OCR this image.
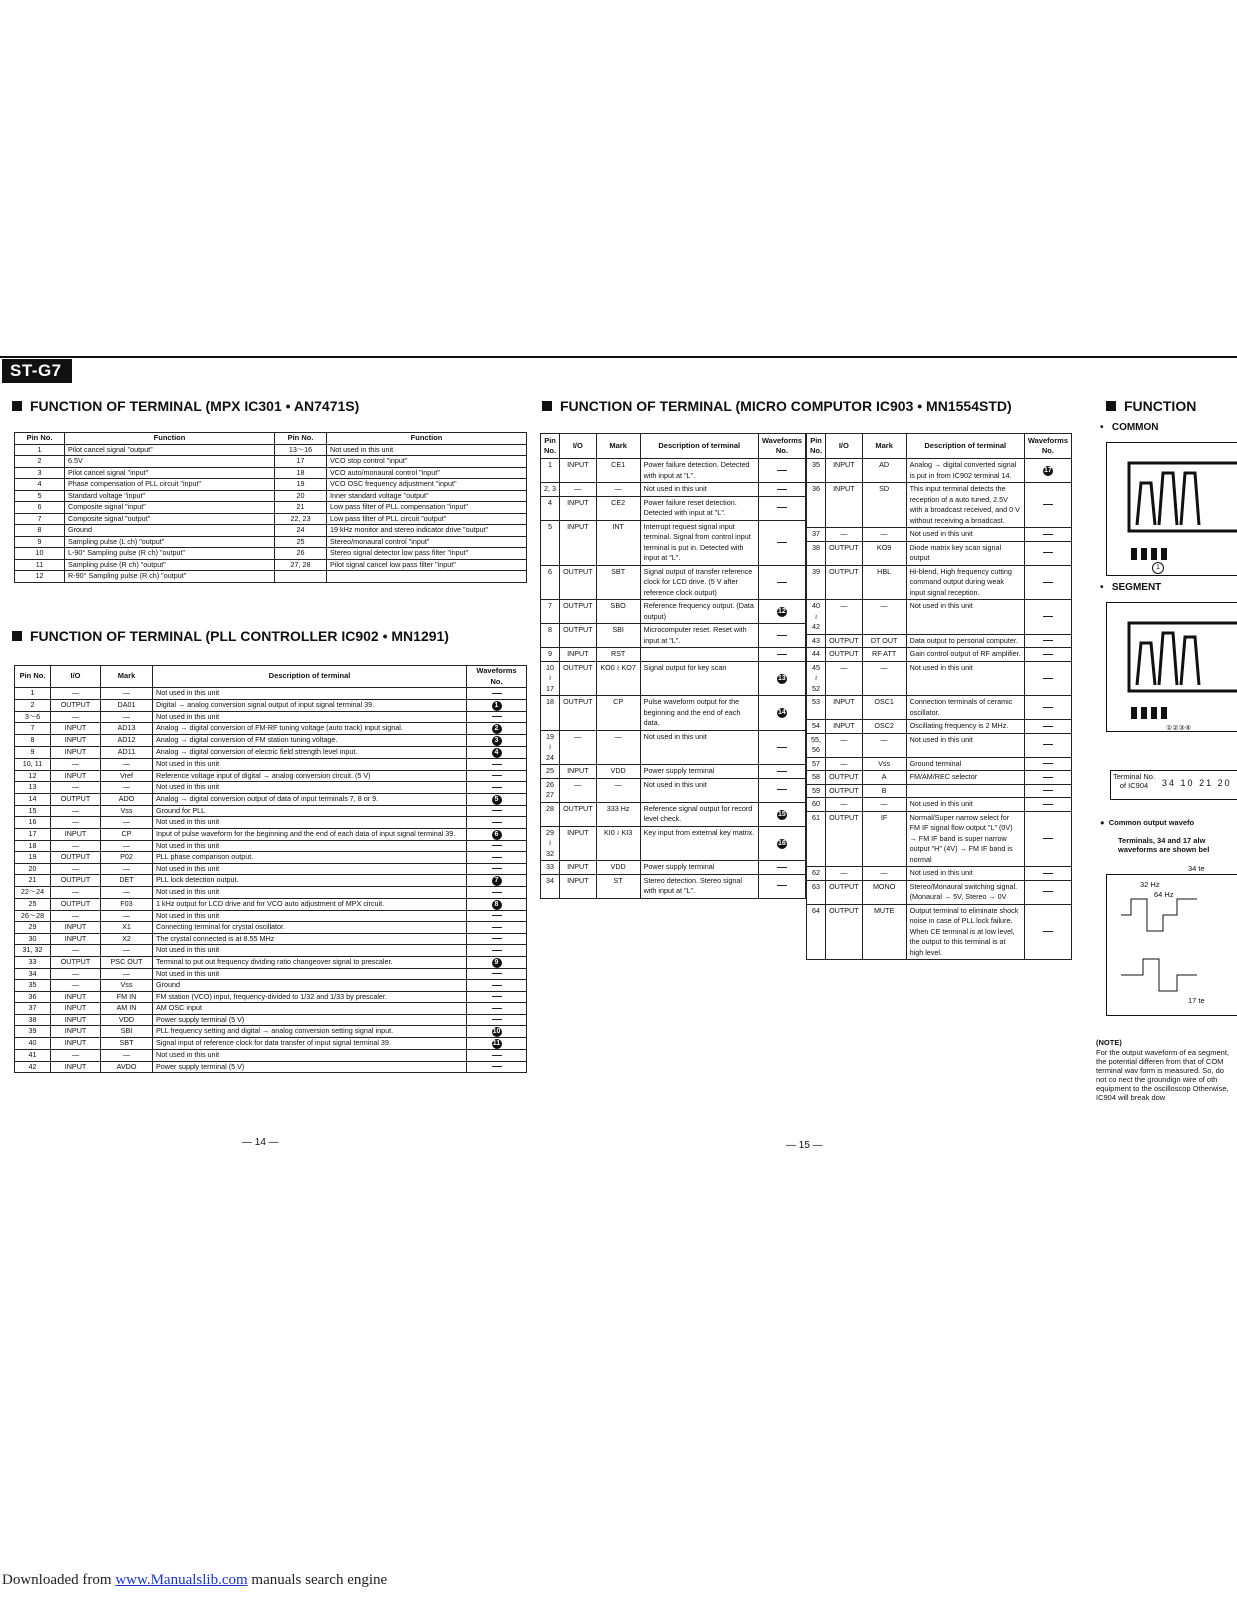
ST-G7
FUNCTION OF TERMINAL (MPX IC301 • AN7471S)
Pin No.	Function	Pin No.	Function
1	Pilot cancel signal "output"	13～16	Not used in this unit
2	6.5V	17	VCO stop control "input"
3	Pilot cancel signal "input"	18	VCO auto/monaural control "input"
4	Phase compensation of PLL circuit "input"	19	VCO OSC frequency adjustment "input"
5	Standard voltage "input"	20	Inner standard voltage "output"
6	Composite signal "input"	21	Low pass filter of PLL compensation "input"
7	Composite signal "output"	22, 23	Low pass filter of PLL circuit "output"
8	Ground	24	19 kHz monitor and stereo indicator drive "output"
9	Sampling pulse (L ch) "output"	25	Stereo/monaural control "input"
10	L-90° Sampling pulse (R ch) "output"	26	Stereo signal detector low pass filter "input"
11	Sampling pulse (R ch) "output"	27, 28	Pilot signal cancel low pass filter "input"
12	R-90° Sampling pulse (R ch) "output"		
FUNCTION OF TERMINAL (PLL CONTROLLER IC902 • MN1291)
Pin No.	I/O	Mark	Description of terminal	Waveforms No.
1	—	—	Not used in this unit	
2	OUTPUT	DA01	Digital → analog conversion signal output of input signal terminal 39.	1
3～6	—	—	Not used in this unit	
7	INPUT	AD13	Analog → digital conversion of FM-RF tuning voltage (auto track) input signal.	2
8	INPUT	AD12	Analog → digital conversion of FM station tuning voltage.	3
9	INPUT	AD11	Analog → digital conversion of electric field strength level input.	4
10, 11	—	—	Not used in this unit	
12	INPUT	Vref	Reference voltage input of digital → analog conversion circuit. (5 V)	
13	—	—	Not used in this unit	
14	OUTPUT	ADO	Analog → digital conversion output of data of input terminals 7, 8 or 9.	5
15	—	Vss	Ground for PLL	
16	—	—	Not used in this unit	
17	INPUT	CP	Input of pulse waveform for the beginning and the end of each data of input signal terminal 39.	6
18	—	—	Not used in this unit	
19	OUTPUT	P02	PLL phase comparison output.	
20	—	—	Not used in this unit	
21	OUTPUT	DET	PLL lock detection output.	7
22～24	—	—	Not used in this unit	
25	OUTPUT	F03	1 kHz output for LCD drive and for VCO auto adjustment of MPX circuit.	8
26～28	—	—	Not used in this unit	
29	INPUT	X1	Connecting terminal for crystal oscillator.	
30	INPUT	X2	The crystal connected is at 8.55 MHz	
31, 32	—	—	Not used in this unit	
33	OUTPUT	PSC OUT	Terminal to put out frequency dividing ratio changeover signal to prescaler.	9
34	—	—	Not used in this unit	
35	—	Vss	Ground	
36	INPUT	FM IN	FM station (VCO) input, frequency-divided to 1/32 and 1/33 by prescaler.	
37	INPUT	AM IN	AM OSC input	
38	INPUT	VDD	Power supply terminal (5 V)	
39	INPUT	SBI	PLL frequency setting and digital → analog conversion setting signal input.	10
40	INPUT	SBT	Signal input of reference clock for data transfer of input signal terminal 39.	11
41	—	—	Not used in this unit	
42	INPUT	AVDO	Power supply terminal (5 V)	
FUNCTION OF TERMINAL (MICRO COMPUTOR IC903 • MN1554STD)
Pin No.	I/O	Mark	Description of terminal	Waveforms No.
1	INPUT	CE1	Power failure detection. Detected with input at "L".	
2, 3	—	—	Not used in this unit	
4	INPUT	CE2	Power failure reset detection. Detected with input at "L".	
5	INPUT	INT	Interrupt request signal input terminal. Signal from control input terminal is put in. Detected with input at "L".	
6	OUTPUT	SBT	Signal output of transfer reference clock for LCD drive. (5 V after reference clock output)	
7	OUTPUT	SBO	Reference frequency output. (Data output)	12
8	OUTPUT	SBI	Microcomputer reset. Reset with input at "L".	
9	INPUT	RST		
10 ≀ 17	OUTPUT	KO0 ≀ KO7	Signal output for key scan	13
18	OUTPUT	CP	Pulse waveform output for the beginning and the end of each data.	14
19 ≀ 24	—	—	Not used in this unit	
25	INPUT	VDD	Power supply terminal	
26 27	—	—	Not used in this unit	
28	OUTPUT	333 Hz	Reference signal output for record level check.	15
29 ≀ 32	INPUT	KI0 ≀ KI3	Key input from external key matrix.	16
33	INPUT	VDD	Power supply terminal	
34	INPUT	ST	Stereo detection. Stereo signal with input at "L".	
Pin No.	I/O	Mark	Description of terminal	Waveforms No.
35	INPUT	AD	Analog → digital converted signal is put in from IC902 terminal 14.	17
36	INPUT	SD	This input terminal detects the reception of a auto tuned, 2.5V with a broadcast received, and 0 V without receiving a broadcast.	
37	—	—	Not used in this unit	
38	OUTPUT	KO9	Diode matrix key scan signal output	
39	OUTPUT	HBL	Hi-blend, High frequency cutting command output during weak input signal reception.	
40 ≀ 42	—	—	Not used in this unit	
43	OUTPUT	DT OUT	Data output to personal computer.	
44	OUTPUT	RF ATT	Gain control output of RF amplifier.	
45 ≀ 52	—	—	Not used in this unit	
53	INPUT	OSC1	Connection terminals of ceramic oscillator.	
54	INPUT	OSC2	Oscillating frequency is 2 MHz.	
55, 56	—	—	Not used in this unit	
57	—	Vss	Ground terminal	
58	OUTPUT	A	FM/AM/REC selector	
59	OUTPUT	B		
60	—	—	Not used in this unit	
61	OUTPUT	IF	Normal/Super narrow select for FM IF signal flow output "L" (0V) → FM IF band is super narrow output "H" (4V) → FM IF band is normal	
62	—	—	Not used in this unit	
63	OUTPUT	MONO	Stereo/Monaural switching signal. (Monaural → 5V, Stereo → 0V	
64	OUTPUT	MUTE	Output terminal to eliminate shock noise in case of PLL lock failure. When CE terminal is at low level, the output to this terminal is at high level.	
FUNCTION
•   COMMON
1
•   SEGMENT
①②③④
Terminal No. of IC904	34 10 21 20
●  Common output wavefo
Terminals, 34 and 17 alw waveforms are shown bel
34 te
32 Hz
64 Hz
17 te
(NOTE)
For the output waveform of ea segment, the potential differen from that of COM terminal wav form is measured. So, do not co nect the groundign wire of oth equipment to the oscilloscop Otherwise, IC904 will break dow
— 14 —	— 15 —
Downloaded from www.Manualslib.com manuals search engine
